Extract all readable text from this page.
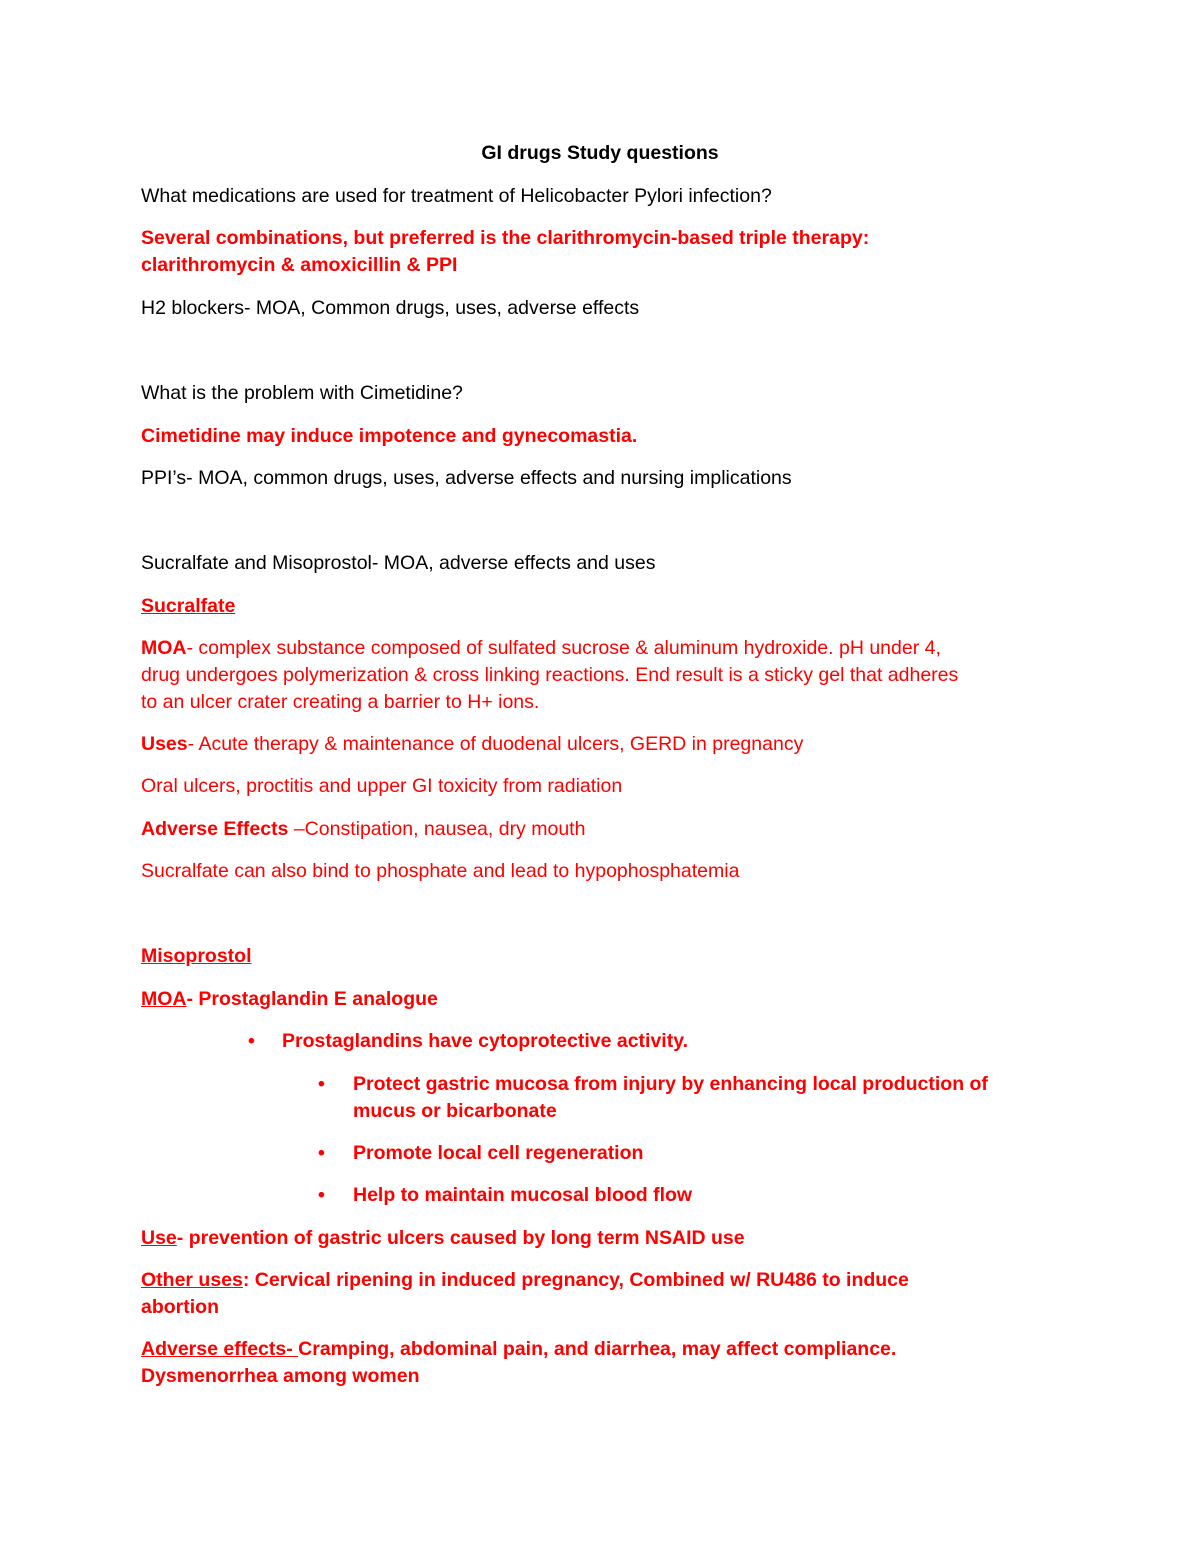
GI drugs Study questions
What medications are used for treatment of Helicobacter Pylori infection?
Several combinations, but preferred is the clarithromycin-based triple therapy:
clarithromycin & amoxicillin & PPI
H2 blockers- MOA, Common drugs, uses, adverse effects
What is the problem with Cimetidine?
Cimetidine may induce impotence and gynecomastia.
PPI’s- MOA, common drugs, uses, adverse effects and nursing implications
Sucralfate and Misoprostol- MOA, adverse effects and uses
Sucralfate
MOA- complex substance composed of sulfated sucrose & aluminum hydroxide. pH under 4,
drug undergoes polymerization & cross linking reactions. End result is a sticky gel that adheres
to an ulcer crater creating a barrier to H+ ions.
Uses- Acute therapy & maintenance of duodenal ulcers, GERD in pregnancy
Oral ulcers, proctitis and upper GI toxicity from radiation
Adverse Effects –Constipation, nausea, dry mouth
Sucralfate can also bind to phosphate and lead to hypophosphatemia
Misoprostol
MOA- Prostaglandin E analogue
• Prostaglandins have cytoprotective activity.
• Protect gastric mucosa from injury by enhancing local production of
mucus or bicarbonate
• Promote local cell regeneration
• Help to maintain mucosal blood flow
Use- prevention of gastric ulcers caused by long term NSAID use
Other uses: Cervical ripening in induced pregnancy, Combined w/ RU486 to induce
abortion
Adverse effects- Cramping, abdominal pain, and diarrhea, may affect compliance.
Dysmenorrhea among women
